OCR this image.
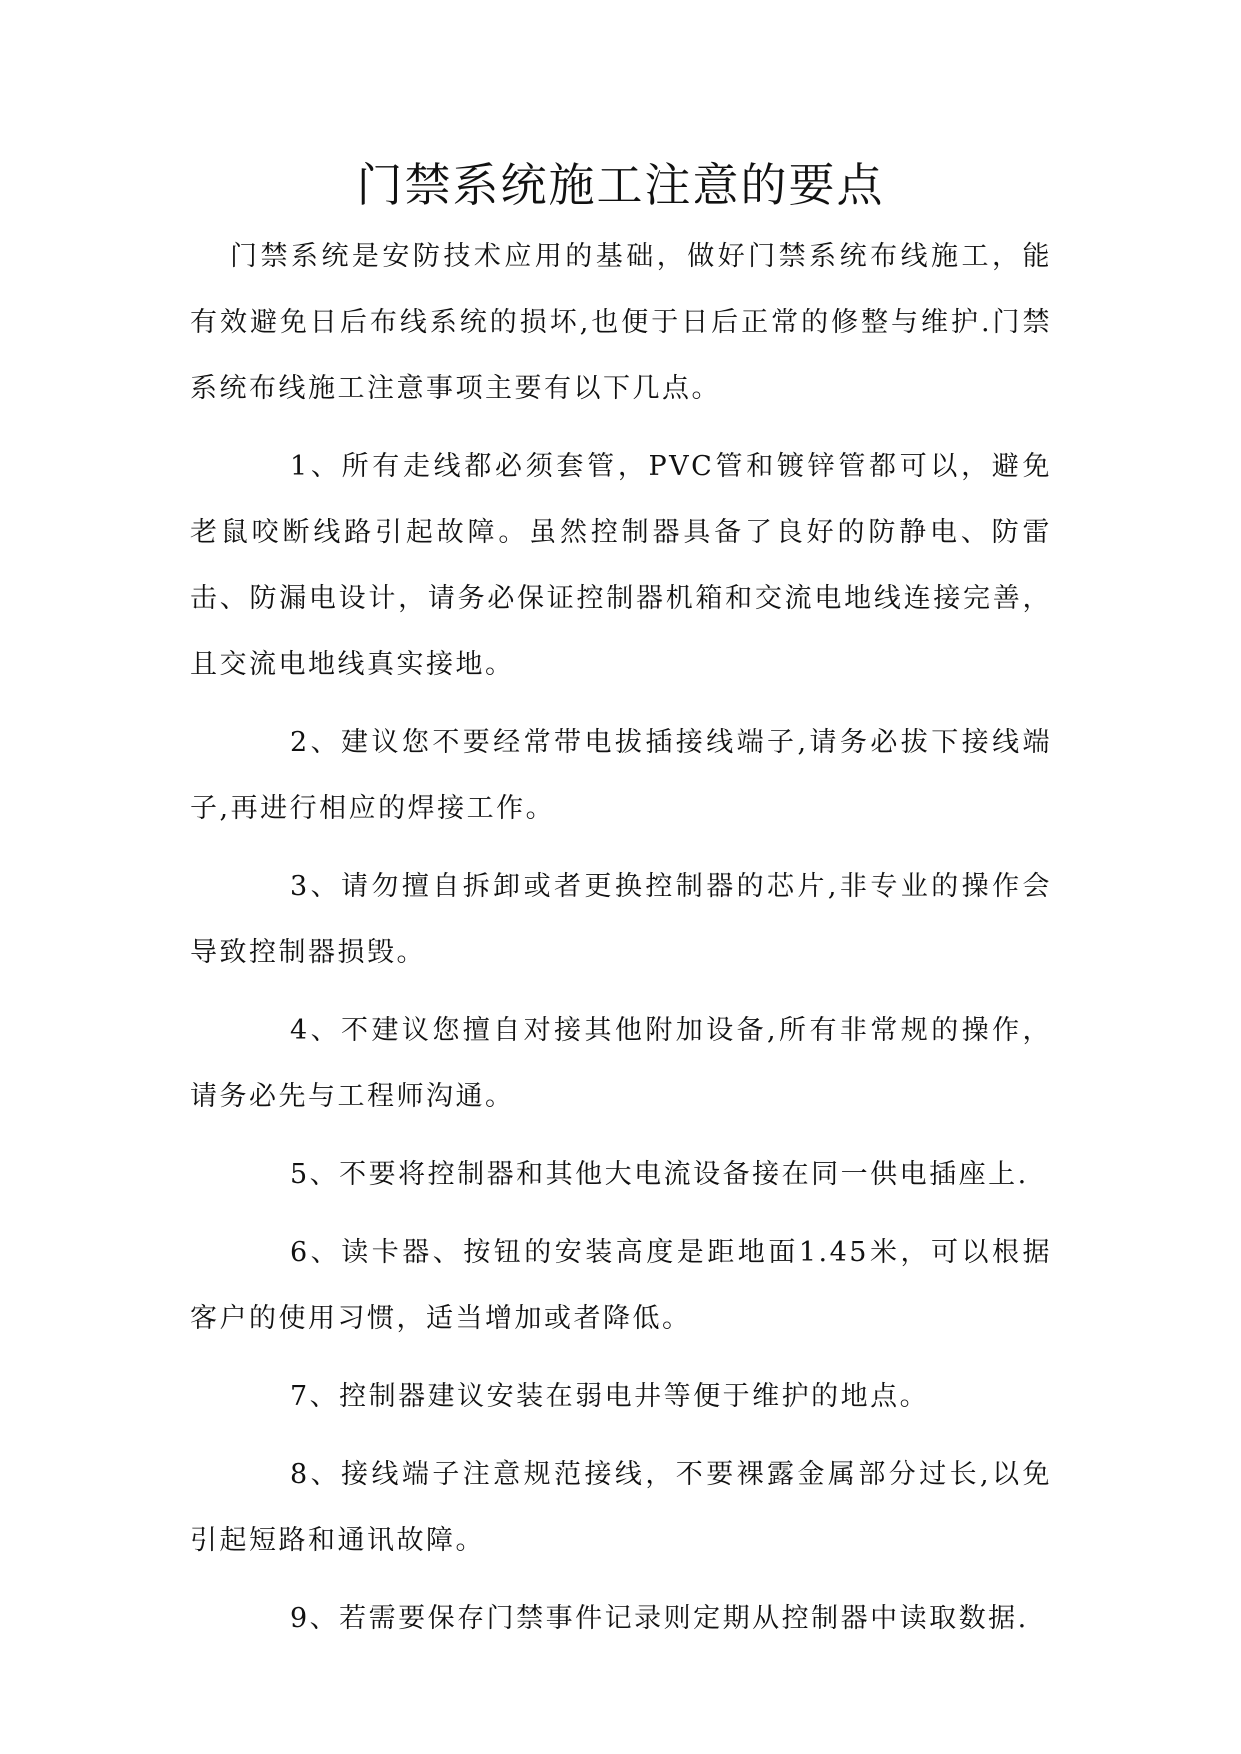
门禁系统施工注意的要点

门禁系统是安防技术应用的基础，做好门禁系统布线施工，能有效避免日后布线系统的损坏,也便于日后正常的修整与维护.门禁系统布线施工注意事项主要有以下几点。

1、所有走线都必须套管，PVC管和镀锌管都可以，避免老鼠咬断线路引起故障。虽然控制器具备了良好的防静电、防雷击、防漏电设计，请务必保证控制器机箱和交流电地线连接完善，且交流电地线真实接地。

2、建议您不要经常带电拔插接线端子,请务必拔下接线端子,再进行相应的焊接工作。

3、请勿擅自拆卸或者更换控制器的芯片,非专业的操作会导致控制器损毁。

4、不建议您擅自对接其他附加设备,所有非常规的操作，请务必先与工程师沟通。

5、不要将控制器和其他大电流设备接在同一供电插座上.

6、读卡器、按钮的安装高度是距地面1.45米，可以根据客户的使用习惯，适当增加或者降低。

7、控制器建议安装在弱电井等便于维护的地点。

8、接线端子注意规范接线，不要裸露金属部分过长,以免引起短路和通讯故障。

9、若需要保存门禁事件记录则定期从控制器中读取数据.
